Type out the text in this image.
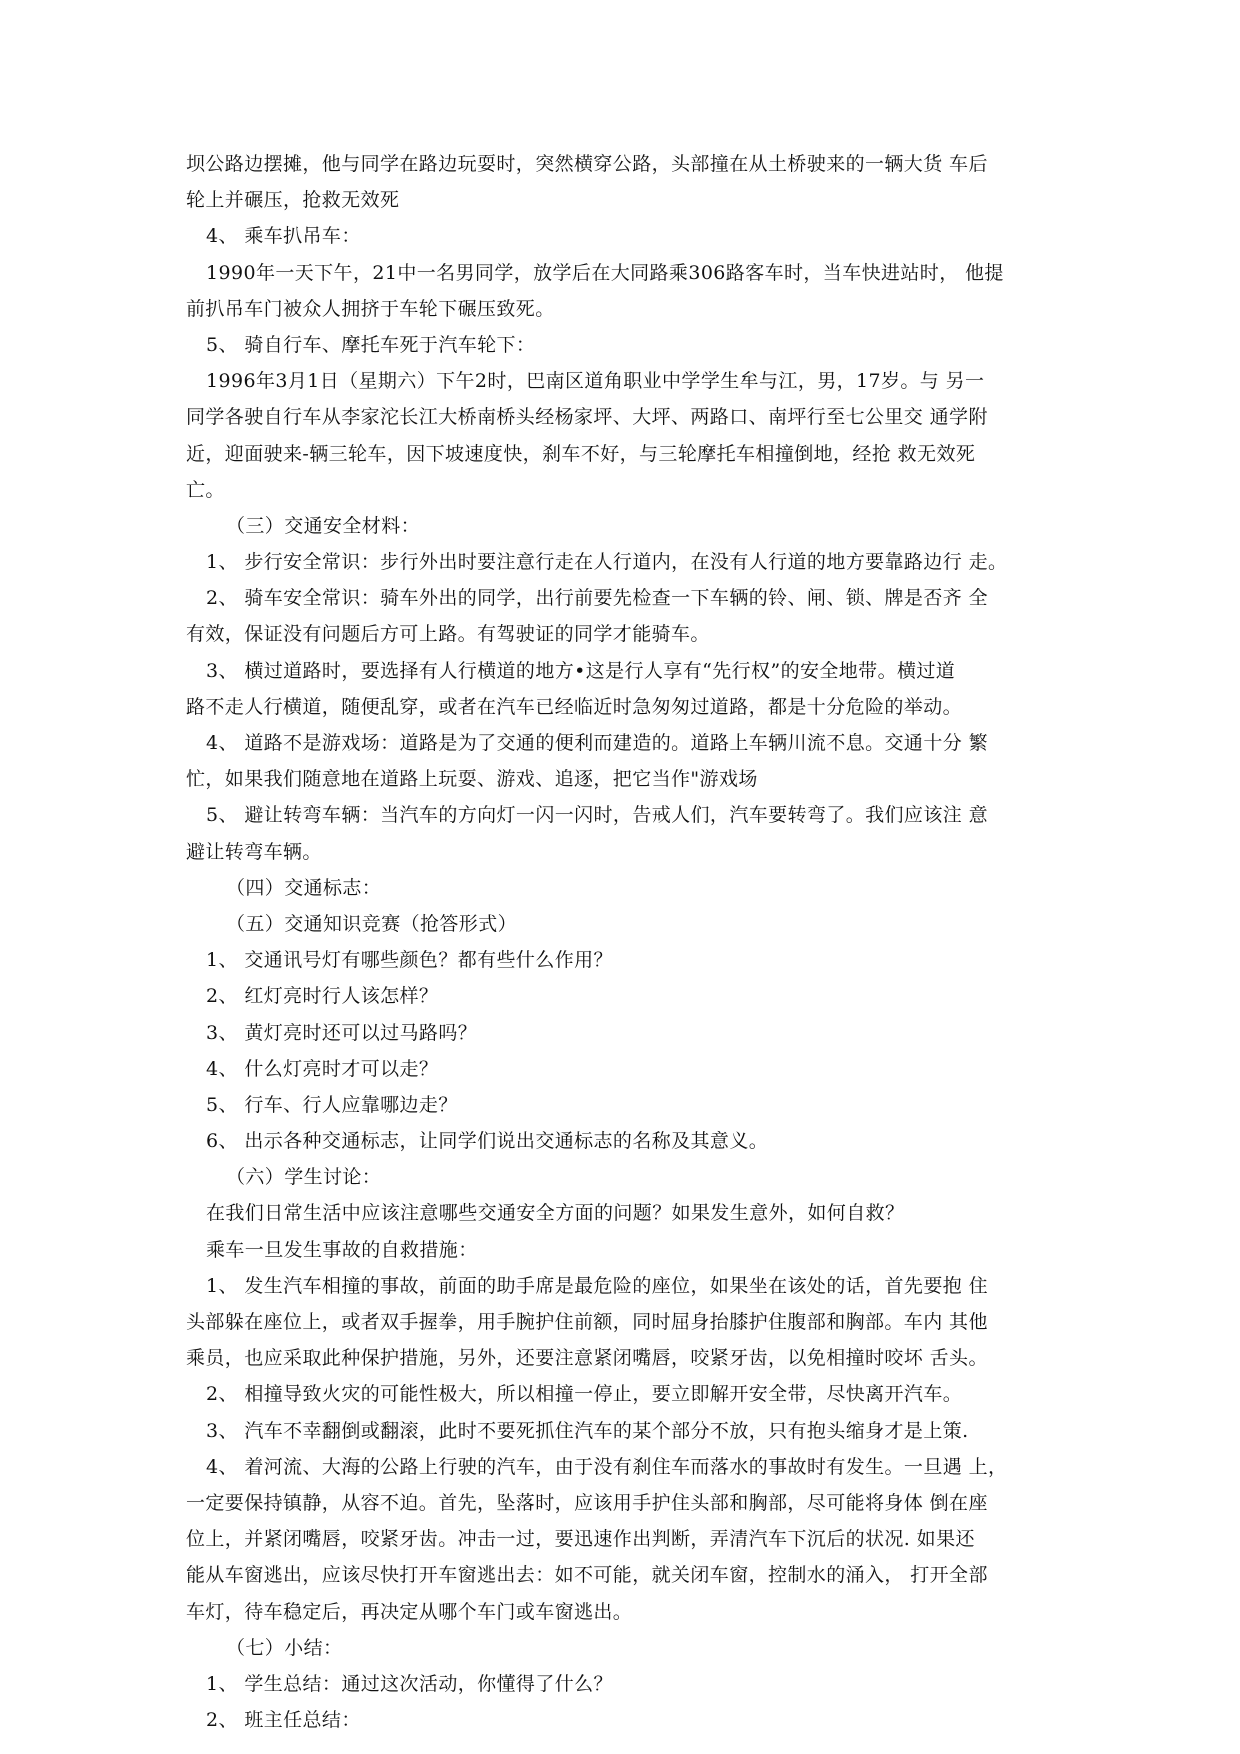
坝公路边摆摊，他与同学在路边玩耍时，突然横穿公路，头部撞在从土桥驶来的一辆大货 车后
轮上并碾压，抢救无效死
4、 乘车扒吊车：
1990年一天下午，21中一名男同学，放学后在大同路乘306路客车时，当车快进站时， 他提
前扒吊车门被众人拥挤于车轮下碾压致死。
5、 骑自行车、摩托车死于汽车轮下：
1996年3月1日（星期六）下午2时，巴南区道角职业中学学生牟与江，男，17岁。与 另一
同学各驶自行车从李家沱长江大桥南桥头经杨家坪、大坪、两路口、南坪行至七公里交 通学附
近，迎面驶来-辆三轮车，因下坡速度快，刹车不好，与三轮摩托车相撞倒地，经抢 救无效死
亡。
（三）交通安全材料：
1、 步行安全常识：步行外出时要注意行走在人行道内，在没有人行道的地方要靠路边行 走。
2、 骑车安全常识：骑车外出的同学，出行前要先检查一下车辆的铃、闸、锁、牌是否齐 全
有效，保证没有问题后方可上路。有驾驶证的同学才能骑车。
3、 横过道路时，要选择有人行横道的地方•这是行人享有“先行权”的安全地带。横过道
路不走人行横道，随便乱穿，或者在汽车已经临近时急匆匆过道路，都是十分危险的举动。
4、 道路不是游戏场：道路是为了交通的便利而建造的。道路上车辆川流不息。交通十分 繁
忙，如果我们随意地在道路上玩耍、游戏、追逐，把它当作"游戏场
5、 避让转弯车辆：当汽车的方向灯一闪一闪时，告戒人们，汽车要转弯了。我们应该注 意
避让转弯车辆。
（四）交通标志：
（五）交通知识竞赛（抢答形式）
1、 交通讯号灯有哪些颜色？都有些什么作用？
2、 红灯亮时行人该怎样？
3、 黄灯亮时还可以过马路吗？
4、 什么灯亮时才可以走？
5、 行车、行人应靠哪边走？
6、 出示各种交通标志，让同学们说出交通标志的名称及其意义。
（六）学生讨论：
在我们日常生活中应该注意哪些交通安全方面的问题？如果发生意外，如何自救？
乘车一旦发生事故的自救措施：
1、 发生汽车相撞的事故，前面的助手席是最危险的座位，如果坐在该处的话，首先要抱 住
头部躲在座位上，或者双手握拳，用手腕护住前额，同时屈身抬膝护住腹部和胸部。车内 其他
乘员，也应采取此种保护措施，另外，还要注意紧闭嘴唇，咬紧牙齿，以免相撞时咬坏 舌头。
2、 相撞导致火灾的可能性极大，所以相撞一停止，要立即解开安全带，尽快离开汽车。
3、 汽车不幸翻倒或翻滚，此时不要死抓住汽车的某个部分不放，只有抱头缩身才是上策.
4、 着河流、大海的公路上行驶的汽车，由于没有刹住车而落水的事故时有发生。一旦遇 上，
一定要保持镇静，从容不迫。首先，坠落时，应该用手护住头部和胸部，尽可能将身体 倒在座
位上，并紧闭嘴唇，咬紧牙齿。冲击一过，要迅速作出判断，弄清汽车下沉后的状况. 如果还
能从车窗逃出，应该尽快打开车窗逃出去：如不可能，就关闭车窗，控制水的涌入， 打开全部
车灯，待车稳定后，再决定从哪个车门或车窗逃出。
（七）小结：
1、 学生总结：通过这次活动，你懂得了什么？
2、 班主任总结：
